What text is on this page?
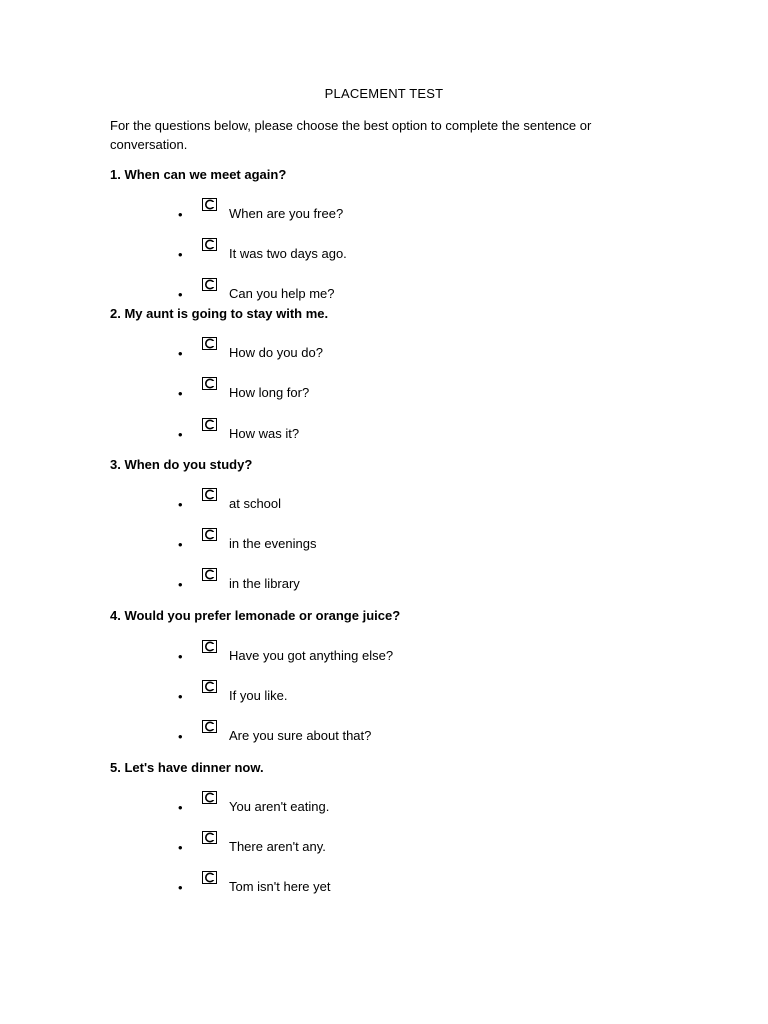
PLACEMENT TEST
For the questions below, please choose the best option to complete the sentence or conversation.
1. When can we meet again?
•	When are you free?
•	It was two days ago.
•	Can you help me?
2. My aunt is going to stay with me.
•	How do you do?
•	How long for?
•	How was it?
3. When do you study?
•	at school
•	in the evenings
•	in the library
4. Would you prefer lemonade or orange juice?
•	Have you got anything else?
•	If you like.
•	Are you sure about that?
5. Let's have dinner now.
•	You aren't eating.
•	There aren't any.
•	Tom isn't here yet
